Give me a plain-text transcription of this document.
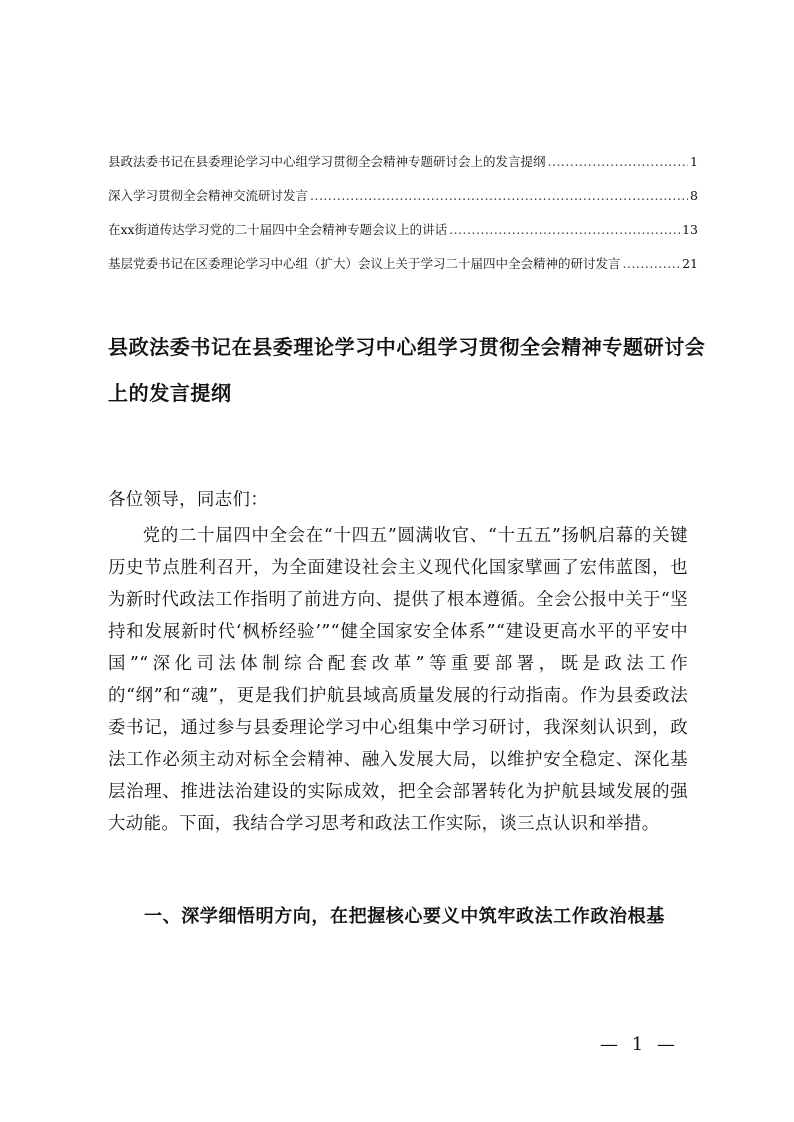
县政法委书记在县委理论学习中心组学习贯彻全会精神专题研讨会上的发言提纲 .....	1
深入学习贯彻全会精神交流研讨发言 .....	8
在xx街道传达学习党的二十届四中全会精神专题会议上的讲话 .....	13
基层党委书记在区委理论学习中心组（扩大）会议上关于学习二十届四中全会精神的研讨发言 .....	21
县政法委书记在县委理论学习中心组学习贯彻全会精神专题研讨会上的发言提纲

各位领导，同志们：

党的二十届四中全会在“十四五”圆满收官、“十五五”扬帆启幕的关键历史节点胜利召开，为全面建设社会主义现代化国家擘画了宏伟蓝图，也为新时代政法工作指明了前进方向、提供了根本遵循。全会公报中关于“坚持和发展新时代‘枫桥经验’”“健全国家安全体系”“建设更高水平的平安中国”“深化司法体制综合配套改革”等重要部署，既是政法工作的“纲”和“魂”，更是我们护航县域高质量发展的行动指南。作为县委政法委书记，通过参与县委理论学习中心组集中学习研讨，我深刻认识到，政法工作必须主动对标全会精神、融入发展大局，以维护安全稳定、深化基层治理、推进法治建设的实际成效，把全会部署转化为护航县域发展的强大动能。下面，我结合学习思考和政法工作实际，谈三点认识和举措。

一、深学细悟明方向，在把握核心要义中筑牢政法工作政治根基
— 1 —
